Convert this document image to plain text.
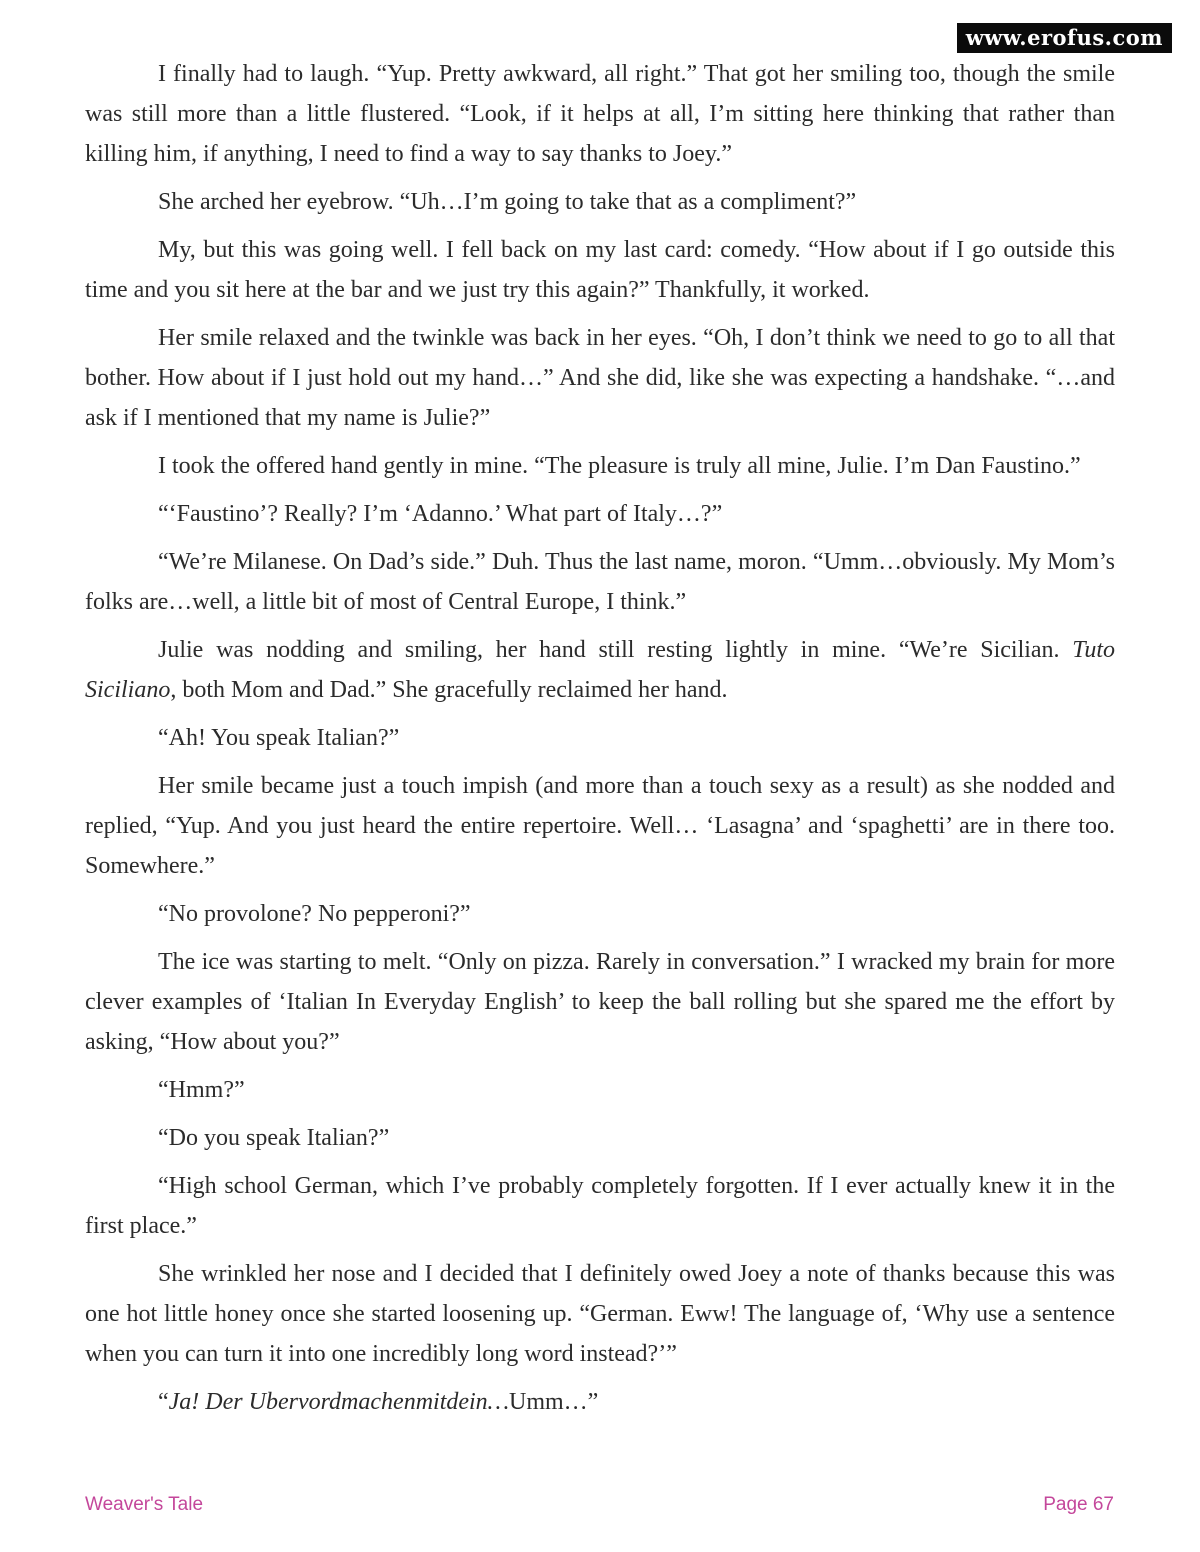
www.erofus.com

I finally had to laugh. “Yup. Pretty awkward, all right.” That got her smiling too, though the smile was still more than a little flustered. “Look, if it helps at all, I’m sitting here thinking that rather than killing him, if anything, I need to find a way to say thanks to Joey.”

She arched her eyebrow. “Uh…I’m going to take that as a compliment?”

My, but this was going well. I fell back on my last card: comedy. “How about if I go outside this time and you sit here at the bar and we just try this again?” Thankfully, it worked.

Her smile relaxed and the twinkle was back in her eyes. “Oh, I don’t think we need to go to all that bother. How about if I just hold out my hand…” And she did, like she was expecting a handshake. “…and ask if I mentioned that my name is Julie?”

I took the offered hand gently in mine. “The pleasure is truly all mine, Julie. I’m Dan Faustino.”

“‘Faustino’? Really? I’m ‘Adanno.’ What part of Italy…?”

“We’re Milanese. On Dad’s side.” Duh. Thus the last name, moron. “Umm…obviously. My Mom’s folks are…well, a little bit of most of Central Europe, I think.”

Julie was nodding and smiling, her hand still resting lightly in mine. “We’re Sicilian. Tuto Siciliano, both Mom and Dad.” She gracefully reclaimed her hand.

“Ah! You speak Italian?”

Her smile became just a touch impish (and more than a touch sexy as a result) as she nodded and replied, “Yup. And you just heard the entire repertoire. Well… ‘Lasagna’ and ‘spaghetti’ are in there too. Somewhere.”

“No provolone? No pepperoni?”

The ice was starting to melt. “Only on pizza. Rarely in conversation.” I wracked my brain for more clever examples of ‘Italian In Everyday English’ to keep the ball rolling but she spared me the effort by asking, “How about you?”

“Hmm?”

“Do you speak Italian?”

“High school German, which I’ve probably completely forgotten. If I ever actually knew it in the first place.”

She wrinkled her nose and I decided that I definitely owed Joey a note of thanks because this was one hot little honey once she started loosening up. “German. Eww! The language of, ‘Why use a sentence when you can turn it into one incredibly long word instead?’”

“Ja! Der Ubervordmachenmitdein…Umm…”

Weaver's Tale	Page 67
